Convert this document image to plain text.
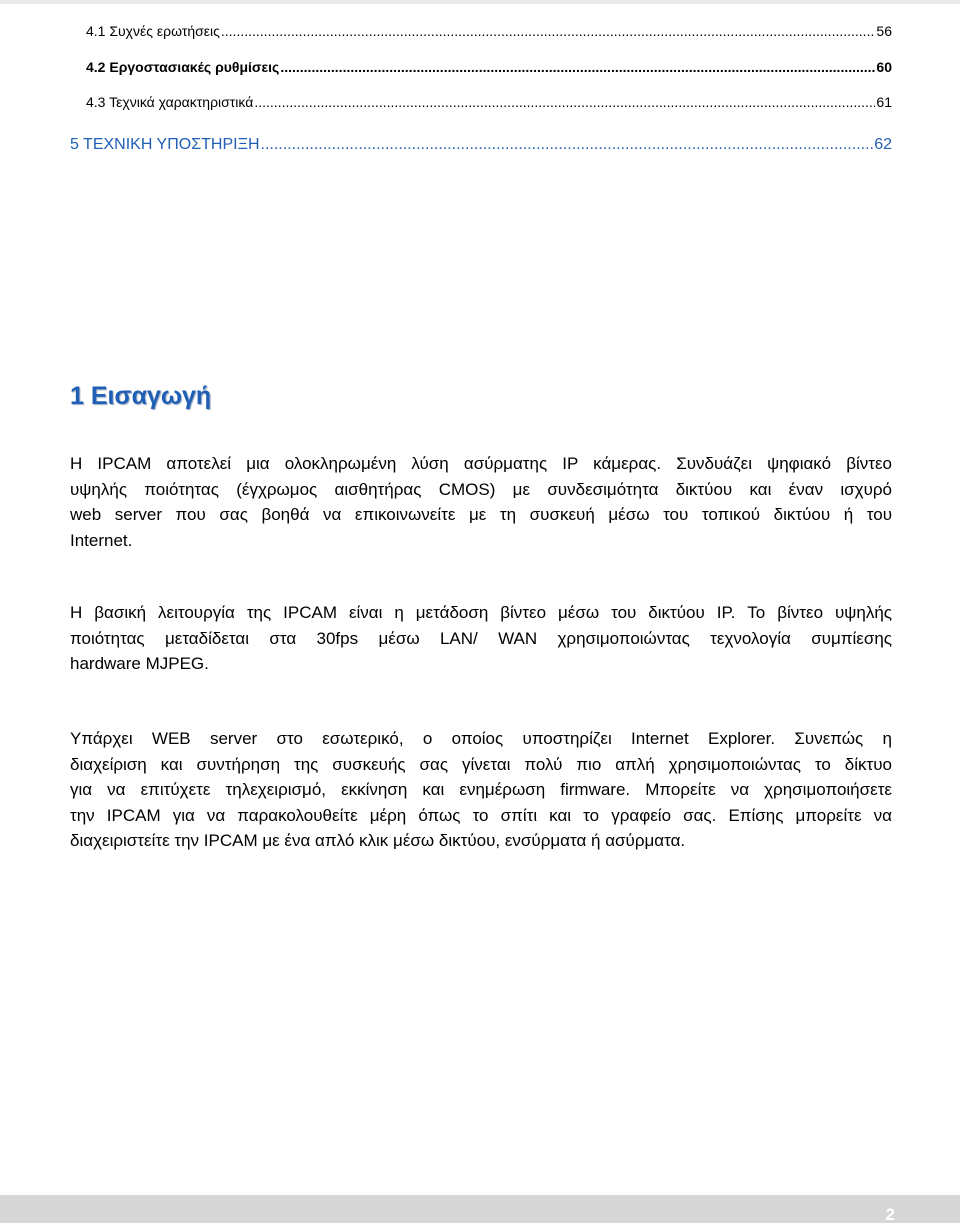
4.1 Συχνές ερωτήσεις .....	56
4.2 Εργοστασιακές ρυθμίσεις .....	60
4.3 Τεχνικά χαρακτηριστικά .....	61
5 ΤΕΧΝΙΚΗ ΥΠΟΣΤΗΡΙΞΗ .....	62
1 Εισαγωγή
Η IPCAM αποτελεί μια ολοκληρωμένη λύση ασύρματης IP κάμερας. Συνδυάζει ψηφιακό βίντεο
υψηλής ποιότητας (έγχρωμος αισθητήρας CMOS) με συνδεσιμότητα δικτύου και έναν ισχυρό
web server που σας βοηθά να επικοινωνείτε με τη συσκευή μέσω του τοπικού δικτύου ή του
Internet.
Η βασική λειτουργία της IPCAM είναι η μετάδοση βίντεο μέσω του δικτύου IP. Το βίντεο υψηλής
ποιότητας μεταδίδεται στα 30fps μέσω LAN/ WAN χρησιμοποιώντας τεχνολογία συμπίεσης
hardware MJPEG.
Υπάρχει WEB server στο εσωτερικό, ο οποίος υποστηρίζει Internet Explorer. Συνεπώς η
διαχείριση και συντήρηση της συσκευής σας γίνεται πολύ πιο απλή χρησιμοποιώντας το δίκτυο
για να επιτύχετε τηλεχειρισμό, εκκίνηση και ενημέρωση firmware. Μπορείτε να χρησιμοποιήσετε
την IPCAM για να παρακολουθείτε μέρη όπως το σπίτι και το γραφείο σας. Επίσης μπορείτε να
διαχειριστείτε την IPCAM με ένα απλό κλικ μέσω δικτύου, ενσύρματα ή ασύρματα.
2
